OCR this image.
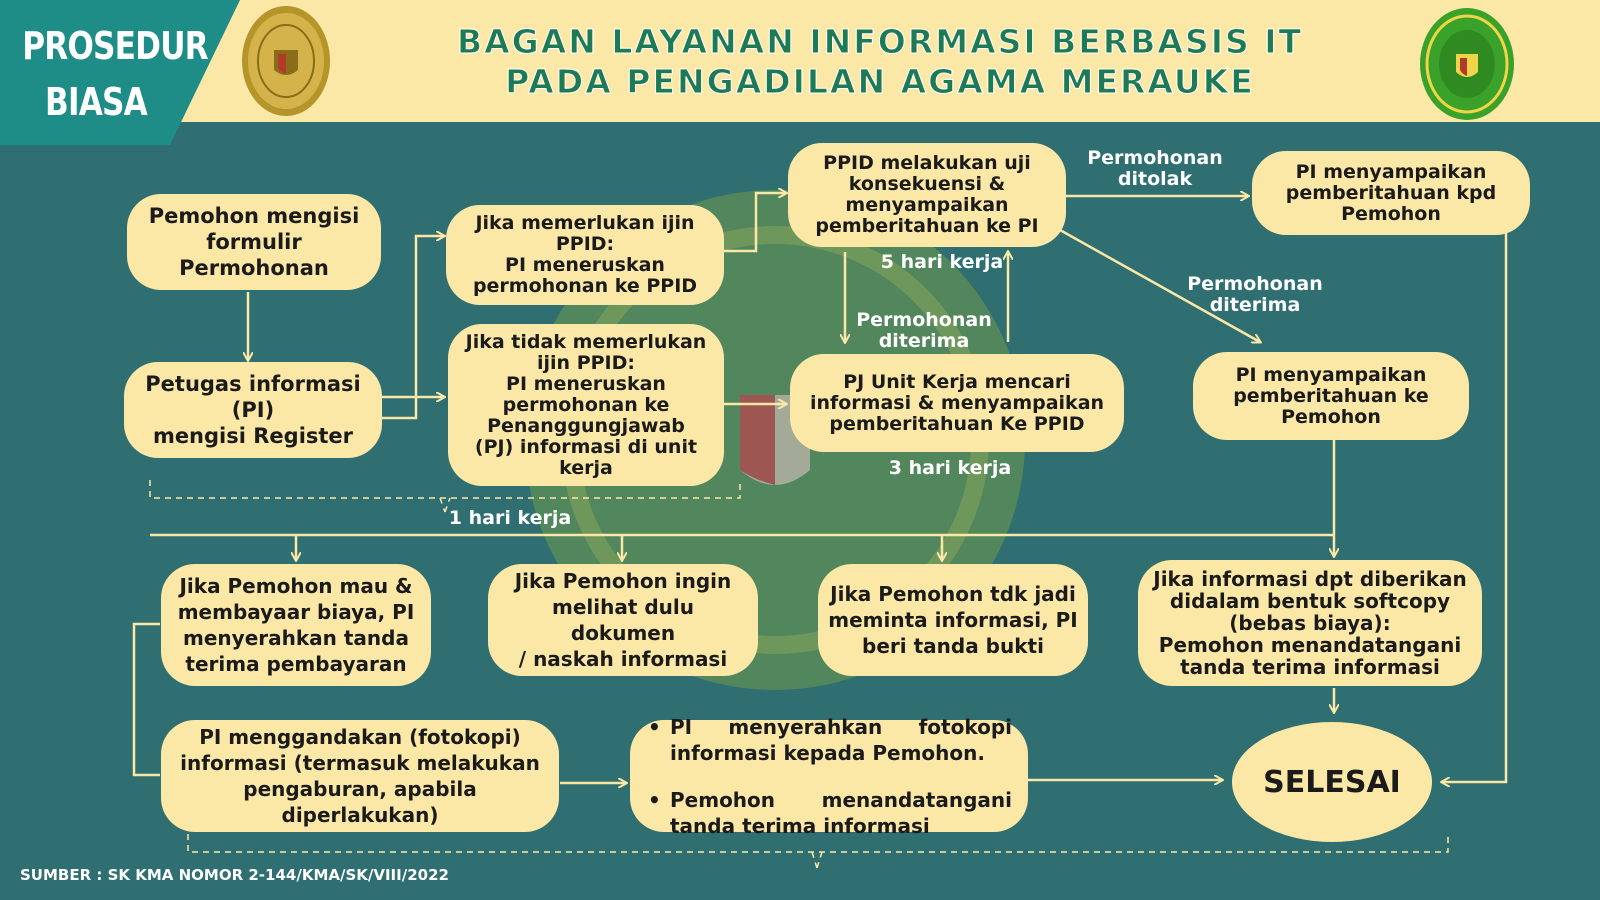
PROSEDUR
BIASA
BAGAN LAYANAN INFORMASI BERBASIS IT
PADA PENGADILAN AGAMA MERAUKE
Pemohon mengisi
formulir Permohonan
Petugas informasi (PI)
mengisi Register
Jika memerlukan ijin
PPID:
PI meneruskan
permohonan ke PPID
Jika tidak memerlukan
ijin PPID:
PI meneruskan
permohonan ke
Penanggungjawab
(PJ) informasi di unit
kerja
PPID melakukan uji
konsekuensi &
menyampaikan
pemberitahuan ke PI
PJ Unit Kerja mencari
informasi & menyampaikan
pemberitahuan Ke PPID
PI menyampaikan
pemberitahuan kpd
Pemohon
PI menyampaikan
pemberitahuan ke
Pemohon
Jika Pemohon mau &
membayaar biaya, PI
menyerahkan tanda
terima pembayaran
Jika Pemohon ingin
melihat dulu dokumen
/ naskah informasi
Jika Pemohon tdk jadi
meminta informasi, PI
beri tanda bukti
Jika informasi dpt diberikan
didalam bentuk softcopy
(bebas biaya):
Pemohon menandatangani
tanda terima informasi
PI menggandakan (fotokopi)
informasi (termasuk melakukan
pengaburan, apabila
diperlakukan)

• PI menyerahkan fotokopi
informasi kepada Pemohon.

• Pemohon menandatangani
tanda terima informasi

SELESAI
Permohonan
ditolak
Permohonan
diterima
Permohonan
diterima
5 hari kerja
3 hari kerja
1 hari kerja
SUMBER : SK KMA NOMOR 2-144/KMA/SK/VIII/2022
